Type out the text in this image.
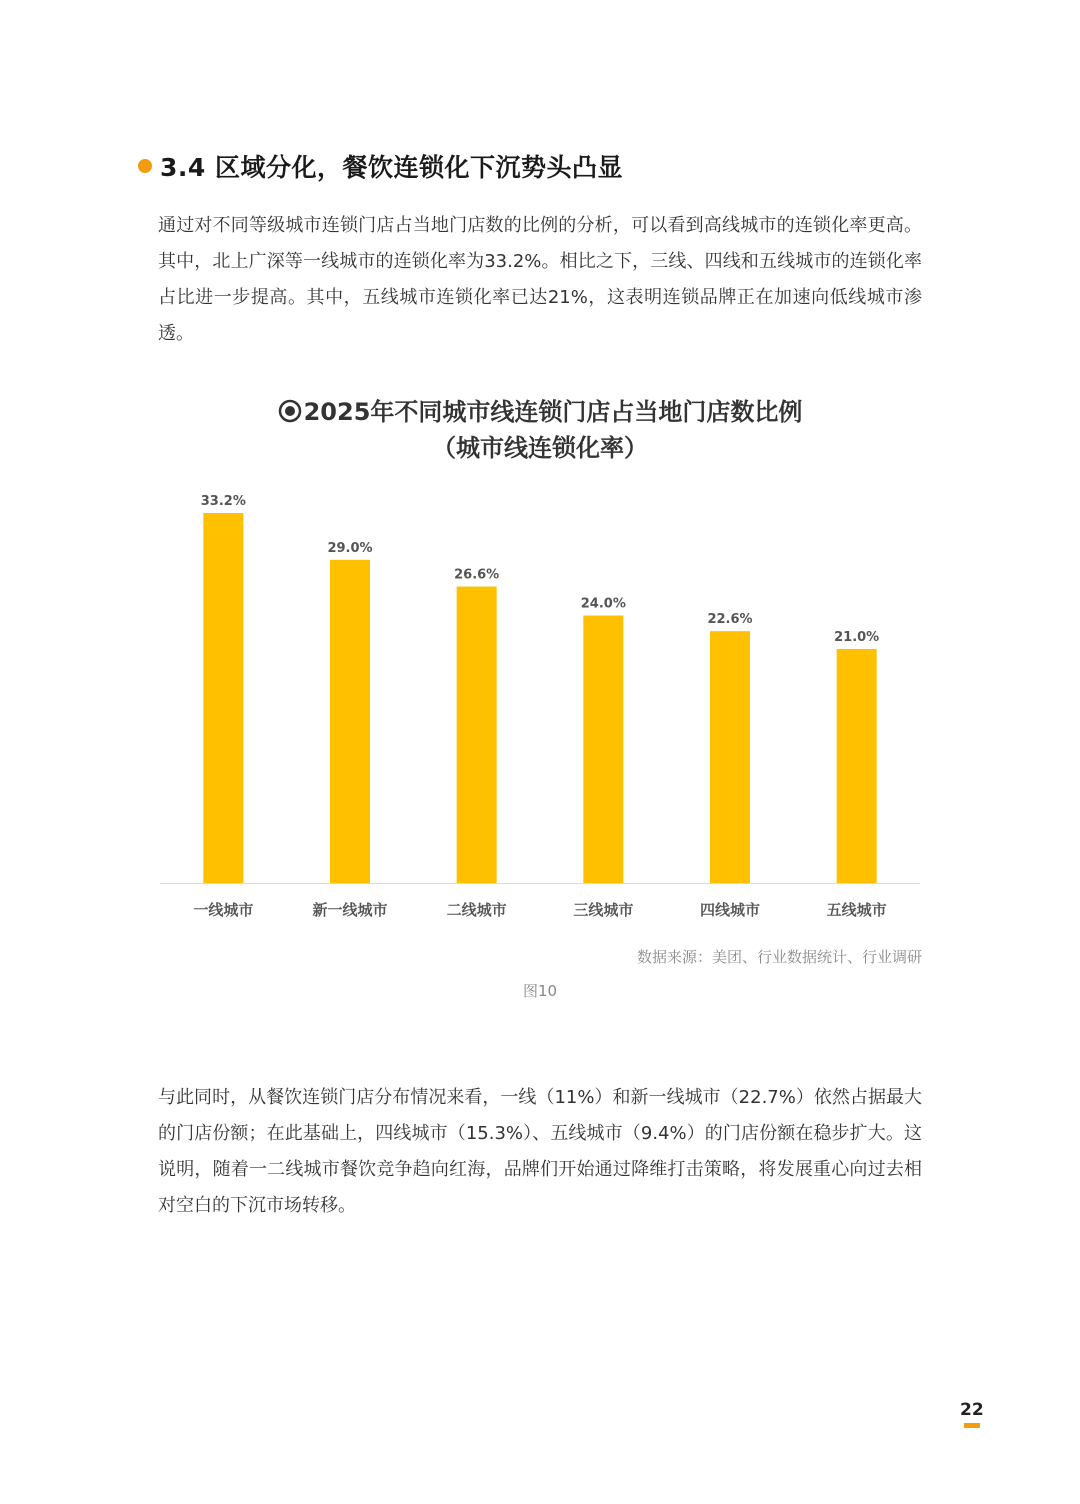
3.4 区域分化，餐饮连锁化下沉势头凸显

通过对不同等级城市连锁门店占当地门店数的比例的分析，可以看到高线城市的连锁化率更高。其中，北上广深等一线城市的连锁化率为33.2%。相比之下，三线、四线和五线城市的连锁化率占比进一步提高。其中，五线城市连锁化率已达21%，这表明连锁品牌正在加速向低线城市渗透。

2025年不同城市线连锁门店占当地门店数比例
（城市线连锁化率）
33.2%
一线城市
29.0%
新一线城市
26.6%
二线城市
24.0%
三线城市
22.6%
四线城市
21.0%
五线城市
数据来源：美团、行业数据统计、行业调研
图10

与此同时，从餐饮连锁门店分布情况来看，一线（11%）和新一线城市（22.7%）依然占据最大的门店份额；在此基础上，四线城市（15.3%）、五线城市（9.4%）的门店份额在稳步扩大。这说明，随着一二线城市餐饮竞争趋向红海，品牌们开始通过降维打击策略，将发展重心向过去相对空白的下沉市场转移。

22
